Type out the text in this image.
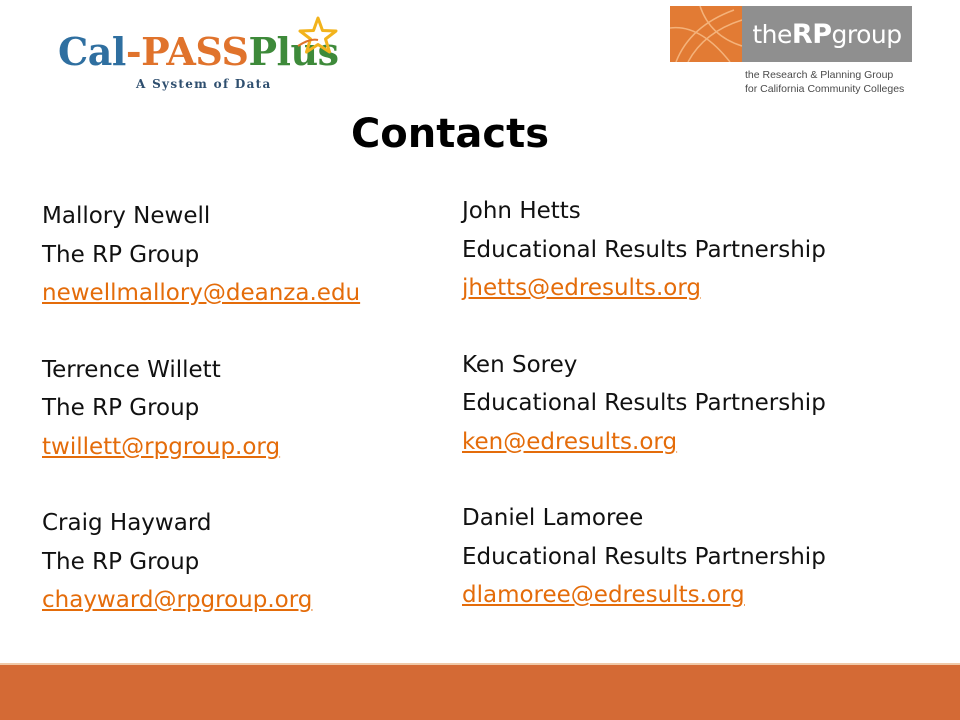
Cal-PASSPlus
A System of Data
the RP group
the Research & Planning Group
for California Community Colleges
Contacts
Mallory Newell
The RP Group
newellmallory@deanza.edu
Terrence Willett
The RP Group
twillett@rpgroup.org
Craig Hayward
The RP Group
chayward@rpgroup.org
John Hetts
Educational Results Partnership
jhetts@edresults.org
Ken Sorey
Educational Results Partnership
ken@edresults.org
Daniel Lamoree
Educational Results Partnership
dlamoree@edresults.org
